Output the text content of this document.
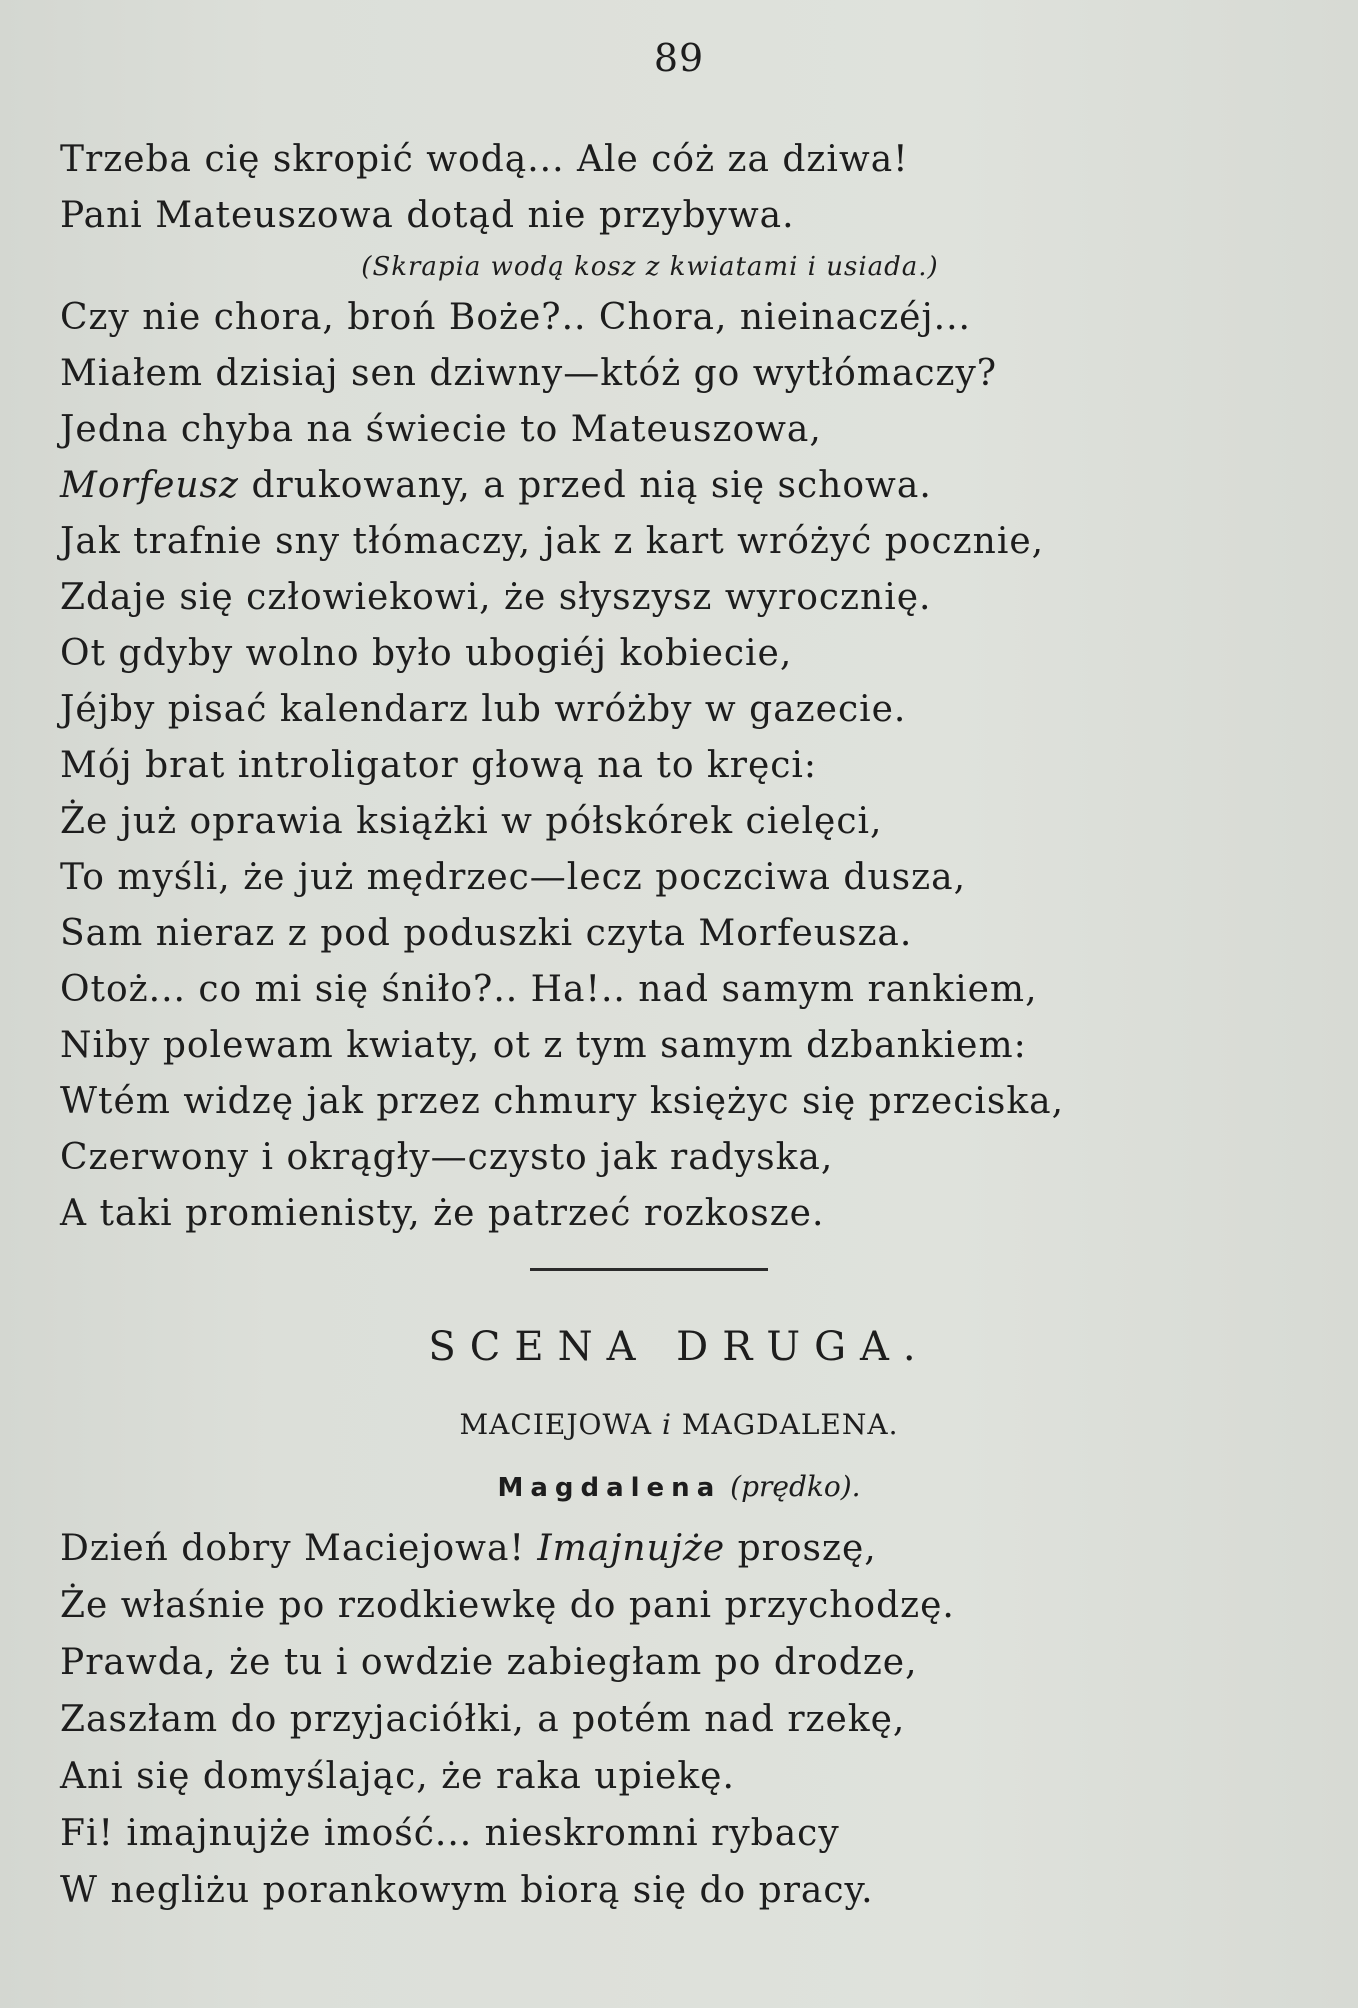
89

Trzeba cię skropić wodą... Ale cóż za dziwa!
Pani Mateuszowa dotąd nie przybywa.
(Skrapia wodą kosz z kwiatami i usiada.)
Czy nie chora, broń Boże?.. Chora, nieinaczéj...
Miałem dzisiaj sen dziwny—któż go wytłómaczy?
Jedna chyba na świecie to Mateuszowa,
Morfeusz drukowany, a przed nią się schowa.
Jak trafnie sny tłómaczy, jak z kart wróżyć pocznie,
Zdaje się człowiekowi, że słyszysz wyrocznię.
Ot gdyby wolno było ubogiéj kobiecie,
Jéjby pisać kalendarz lub wróżby w gazecie.
Mój brat introligator głową na to kręci:
Że już oprawia książki w półskórek cielęci,
To myśli, że już mędrzec—lecz poczciwa dusza,
Sam nieraz z pod poduszki czyta Morfeusza.
Otoż... co mi się śniło?.. Ha!.. nad samym rankiem,
Niby polewam kwiaty, ot z tym samym dzbankiem:
Wtém widzę jak przez chmury księżyc się przeciska,
Czerwony i okrągły—czysto jak radyska,
A taki promienisty, że patrzeć rozkosze.
SCENA DRUGA.

MACIEJOWA i MAGDALENA.

Magdalena (prędko).

Dzień dobry Maciejowa! Imajnujże proszę,
Że właśnie po rzodkiewkę do pani przychodzę.
Prawda, że tu i owdzie zabiegłam po drodze,
Zaszłam do przyjaciółki, a potém nad rzekę,
Ani się domyślając, że raka upiekę.
Fi! imajnujże imość... nieskromni rybacy
W negliżu porankowym biorą się do pracy.
